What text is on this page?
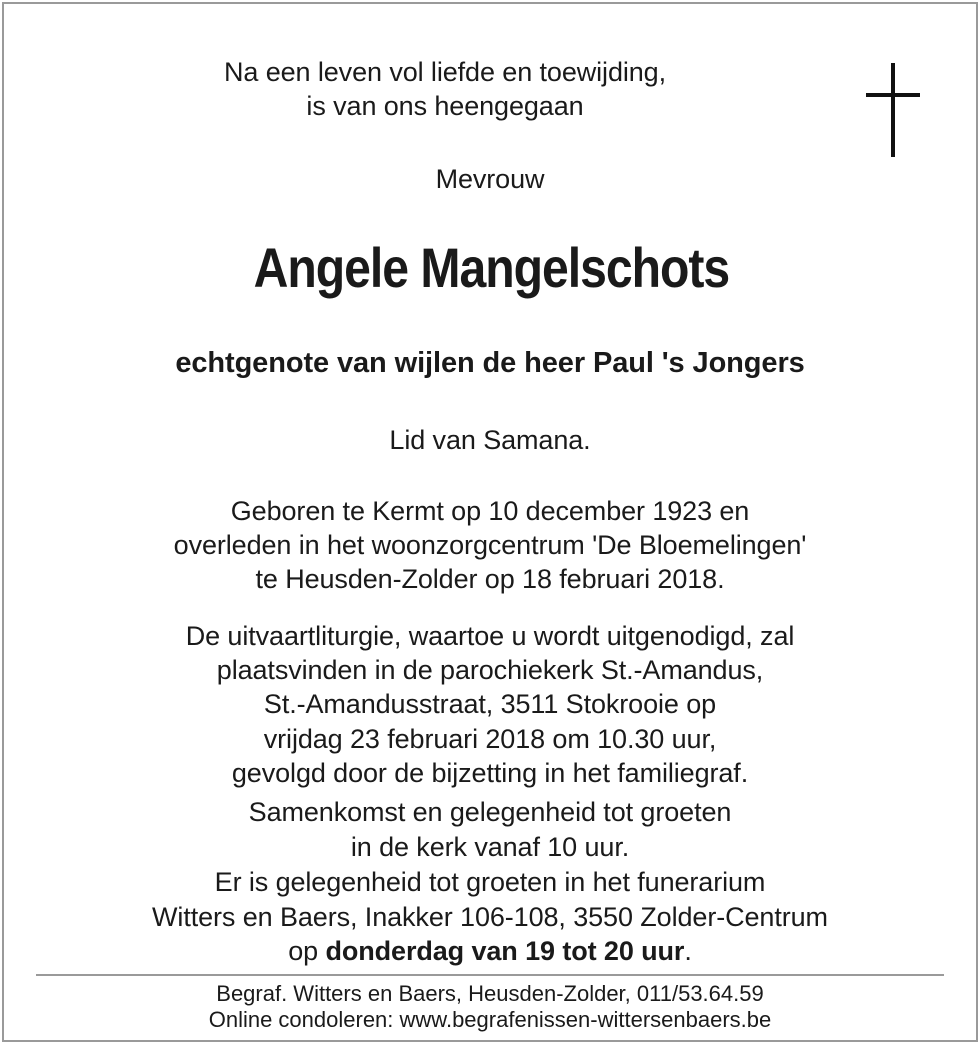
Na een leven vol liefde en toewijding,
is van ons heengegaan
Mevrouw
Angele Mangelschots
echtgenote van wijlen de heer Paul 's Jongers
Lid van Samana.
Geboren te Kermt op 10 december 1923 en
overleden in het woonzorgcentrum 'De Bloemelingen'
te Heusden-Zolder op 18 februari 2018.
De uitvaartliturgie, waartoe u wordt uitgenodigd, zal
plaatsvinden in de parochiekerk St.-Amandus,
St.-Amandusstraat, 3511 Stokrooie op
vrijdag 23 februari 2018 om 10.30 uur,
gevolgd door de bijzetting in het familiegraf.
Samenkomst en gelegenheid tot groeten
in de kerk vanaf 10 uur.
Er is gelegenheid tot groeten in het funerarium
Witters en Baers, Inakker 106-108, 3550 Zolder-Centrum
op donderdag van 19 tot 20 uur.
Begraf. Witters en Baers, Heusden-Zolder, 011/53.64.59
Online condoleren: www.begrafenissen-wittersenbaers.be
